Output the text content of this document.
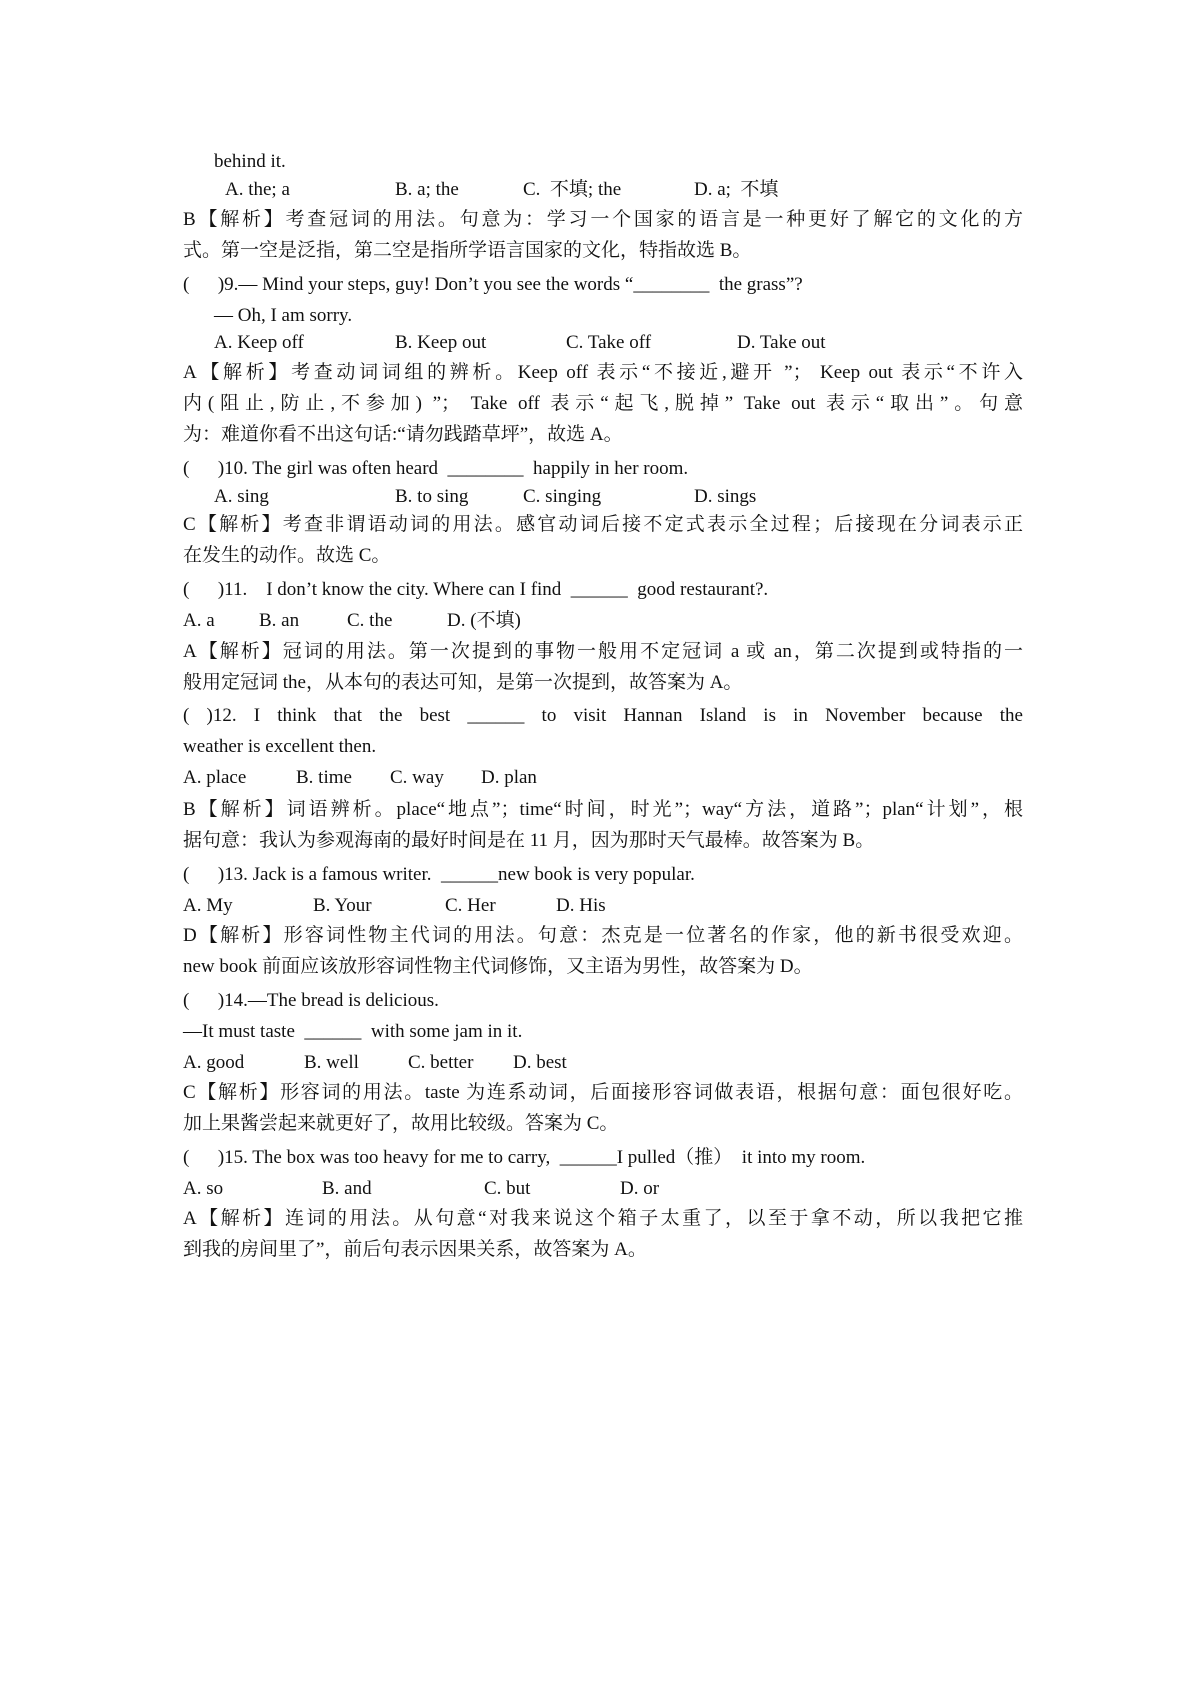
behind it.
A. the; a	B. a; the	C.  不填; the	D. a;  不填
B【解析】考查冠词的用法。句意为：学习一个国家的语言是一种更好了解它的文化的方
式。第一空是泛指，第二空是指所学语言国家的文化，特指故选 B。
(      )9.— Mind your steps, guy! Don’t you see the words “________  the grass”?
— Oh, I am sorry.
A. Keep off	B. Keep out	C. Take off	D. Take out
A【解析】考查动词词组的辨析。Keep off 表示“不接近,避开 ”； Keep out 表示“不许入
内(阻止,防止,不参加) ”； Take off 表示“起飞,脱掉” Take out 表示“取出”。句意
为：难道你看不出这句话:“请勿践踏草坪”，故选 A。
(      )10. The girl was often heard  ________  happily in her room.
A. sing	B. to sing	C. singing	D. sings
C【解析】考查非谓语动词的用法。感官动词后接不定式表示全过程；后接现在分词表示正
在发生的动作。故选 C。
(      )11.    I don’t know the city. Where can I find  ______  good restaurant?.
A. a B. an	C. the	D. (不填)
A【解析】冠词的用法。第一次提到的事物一般用不定冠词 a 或 an，第二次提到或特指的一
般用定冠词 the，从本句的表达可知，是第一次提到，故答案为 A。
( )12. I think that the best ______ to visit Hannan Island is in November because the
weather is excellent then.
A. place	B. time C. way D. plan
B【解析】词语辨析。place“地点”；time“时间，时光”；way“方法，道路”；plan“计划”，根
据句意：我认为参观海南的最好时间是在 11 月，因为那时天气最棒。故答案为 B。
(      )13. Jack is a famous writer.  ______new book is very popular.
A. My	B. Your	C. Her	D. His
D【解析】形容词性物主代词的用法。句意：杰克是一位著名的作家，他的新书很受欢迎。
new book 前面应该放形容词性物主代词修饰，又主语为男性，故答案为 D。
(      )14.—The bread is delicious.
—It must taste  ______  with some jam in it.
A. good	B. well	C. better D. best
C【解析】形容词的用法。taste 为连系动词，后面接形容词做表语，根据句意：面包很好吃。
加上果酱尝起来就更好了，故用比较级。答案为 C。
(      )15. The box was too heavy for me to carry,  ______I pulled（推）  it into my room.
A. so	B. and	C. but	D. or
A【解析】连词的用法。从句意“对我来说这个箱子太重了，以至于拿不动，所以我把它推
到我的房间里了”，前后句表示因果关系，故答案为 A。
